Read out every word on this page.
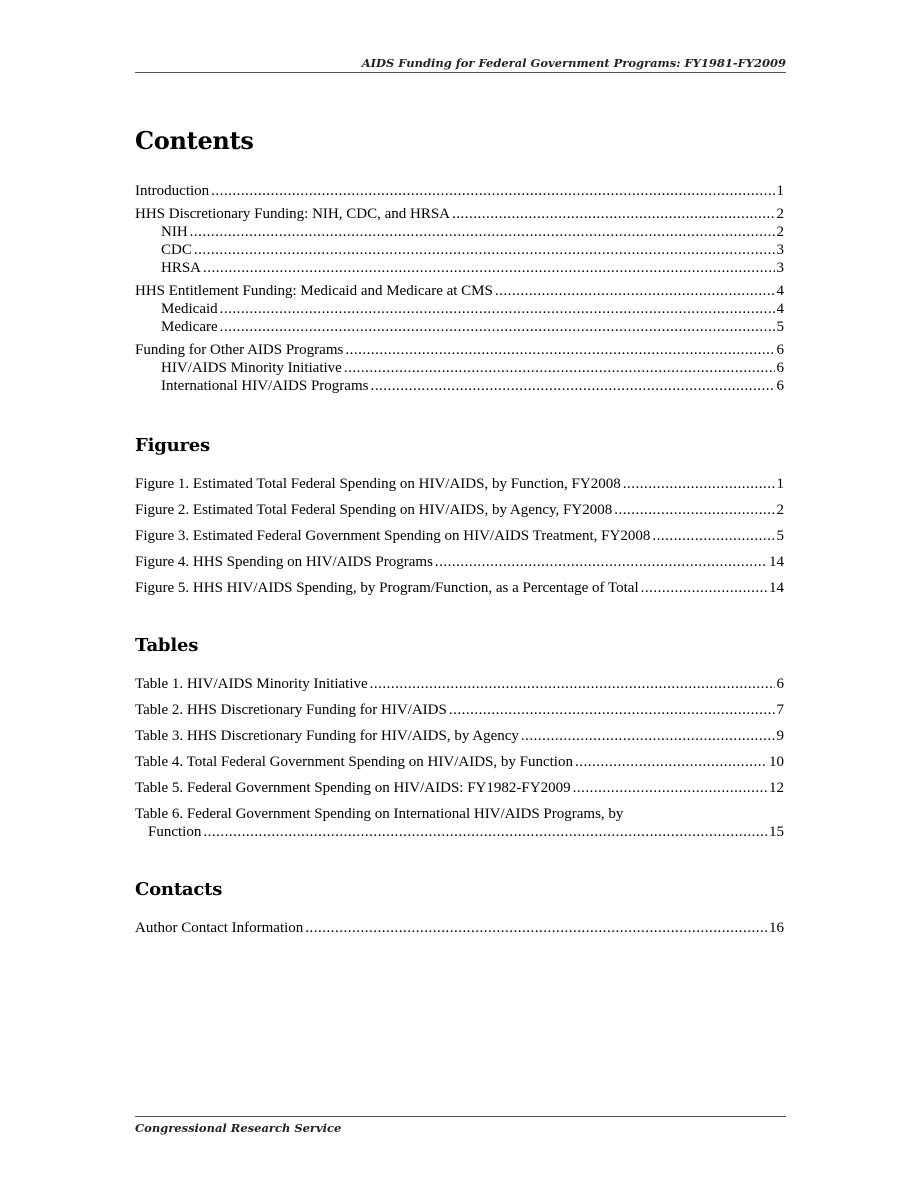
AIDS Funding for Federal Government Programs: FY1981-FY2009
Contents
Introduction .....	1
HHS Discretionary Funding: NIH, CDC, and HRSA .....	2
NIH .....	2
CDC .....	3
HRSA .....	3
HHS Entitlement Funding: Medicaid and Medicare at CMS .....	4
Medicaid .....	4
Medicare .....	5
Funding for Other AIDS Programs .....	6
HIV/AIDS Minority Initiative .....	6
International HIV/AIDS Programs .....	6
Figures
Figure 1. Estimated Total Federal Spending on HIV/AIDS, by Function, FY2008 .....	1
Figure 2. Estimated Total Federal Spending on HIV/AIDS, by Agency, FY2008 .....	2
Figure 3. Estimated Federal Government Spending on HIV/AIDS Treatment, FY2008 .....	5
Figure 4. HHS Spending on HIV/AIDS Programs .....	14
Figure 5. HHS HIV/AIDS Spending, by Program/Function, as a Percentage of Total .....	14
Tables
Table 1. HIV/AIDS Minority Initiative .....	6
Table 2. HHS Discretionary Funding for HIV/AIDS .....	7
Table 3. HHS Discretionary Funding for HIV/AIDS, by Agency .....	9
Table 4. Total Federal Government Spending on HIV/AIDS, by Function .....	10
Table 5. Federal Government Spending on HIV/AIDS: FY1982-FY2009 .....	12
Table 6. Federal Government Spending on International HIV/AIDS Programs, by
Function .....	15
Contacts
Author Contact Information .....	16
Congressional Research Service
